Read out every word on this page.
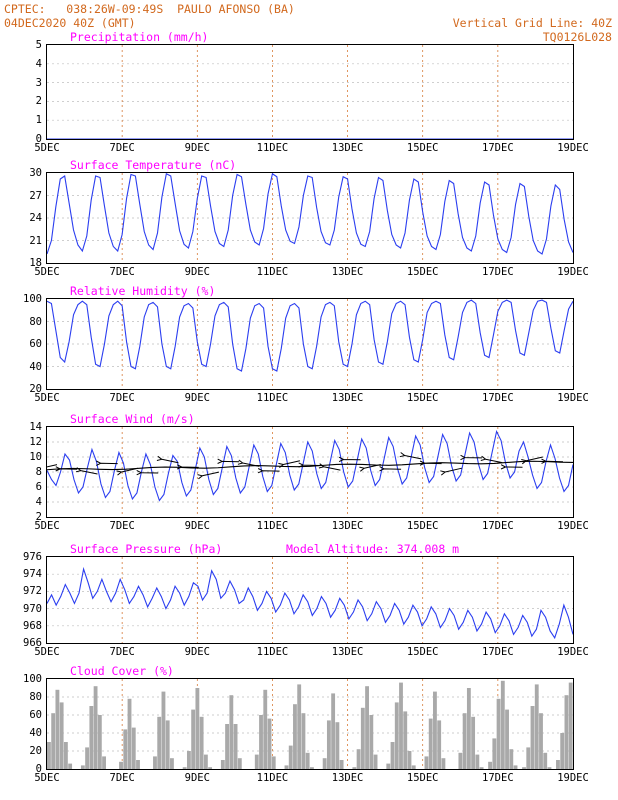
CPTEC:   038:26W-09:49S  PAULO AFONSO (BA)
04DEC2020 40Z (GMT)	Vertical Grid Line: 40Z
TQ0126L028
Precipitation (mm/h)
0
1
2
3
4
5
5DEC	7DEC	9DEC	11DEC	13DEC	15DEC	17DEC	19DEC
Surface Temperature (nC)
18
21
24
27
30
5DEC	7DEC	9DEC	11DEC	13DEC	15DEC	17DEC	19DEC
Relative Humidity (%)
20
40
60
80
100
5DEC	7DEC	9DEC	11DEC	13DEC	15DEC	17DEC	19DEC
Surface Wind (m/s)
2
4
6
8
10
12
14
5DEC	7DEC	9DEC	11DEC	13DEC	15DEC	17DEC	19DEC
Surface Pressure (hPa)	Model Altitude: 374.008 m
966
968
970
972
974
976
5DEC	7DEC	9DEC	11DEC	13DEC	15DEC	17DEC	19DEC
Cloud Cover (%)
0
20
40
60
80
100
5DEC	7DEC	9DEC	11DEC	13DEC	15DEC	17DEC	19DEC
